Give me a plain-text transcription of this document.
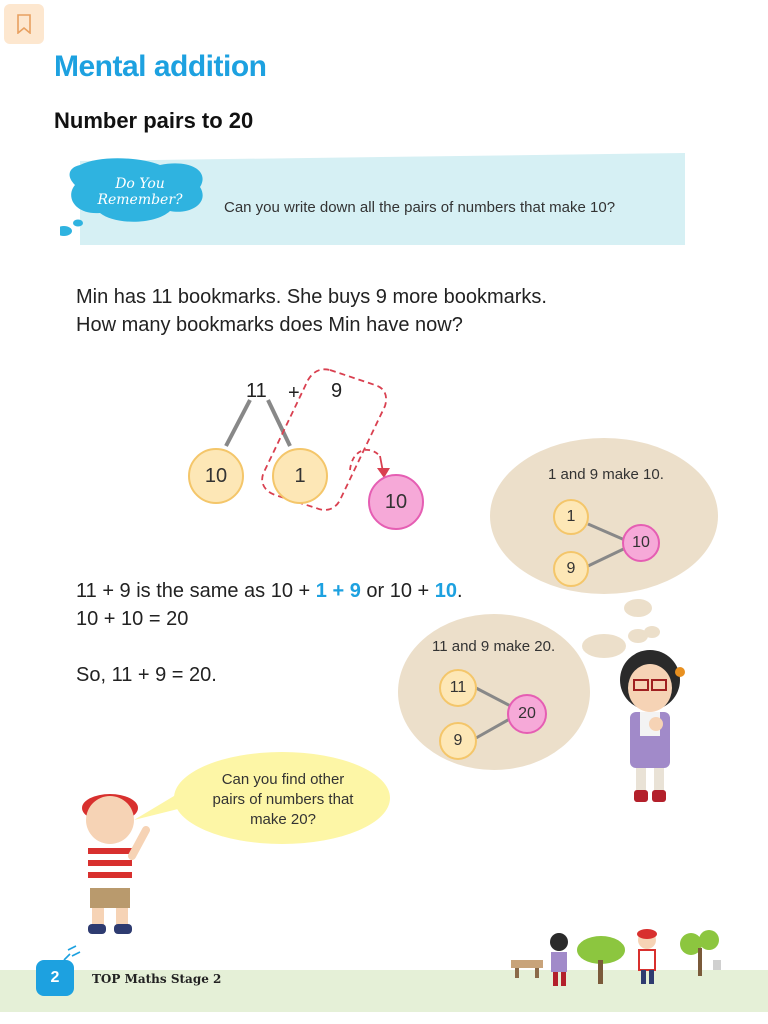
Mental addition
Number pairs to 20
Do You
Remember?	Can you write down all the pairs of numbers that make 10?
Min has 11 bookmarks. She buys 9 more bookmarks.
How many bookmarks does Min have now?
11 + 9
10	1
10
11 + 9 is the same as 10 + 1 + 9 or 10 + 10.
10 + 10 = 20
So, 11 + 9 = 20.
1 and 9 make 10.
1
9
10
11 and 9 make 20.
11
9
20
Can you find other
pairs of numbers that
make 20?
2	TOP Maths Stage 2
